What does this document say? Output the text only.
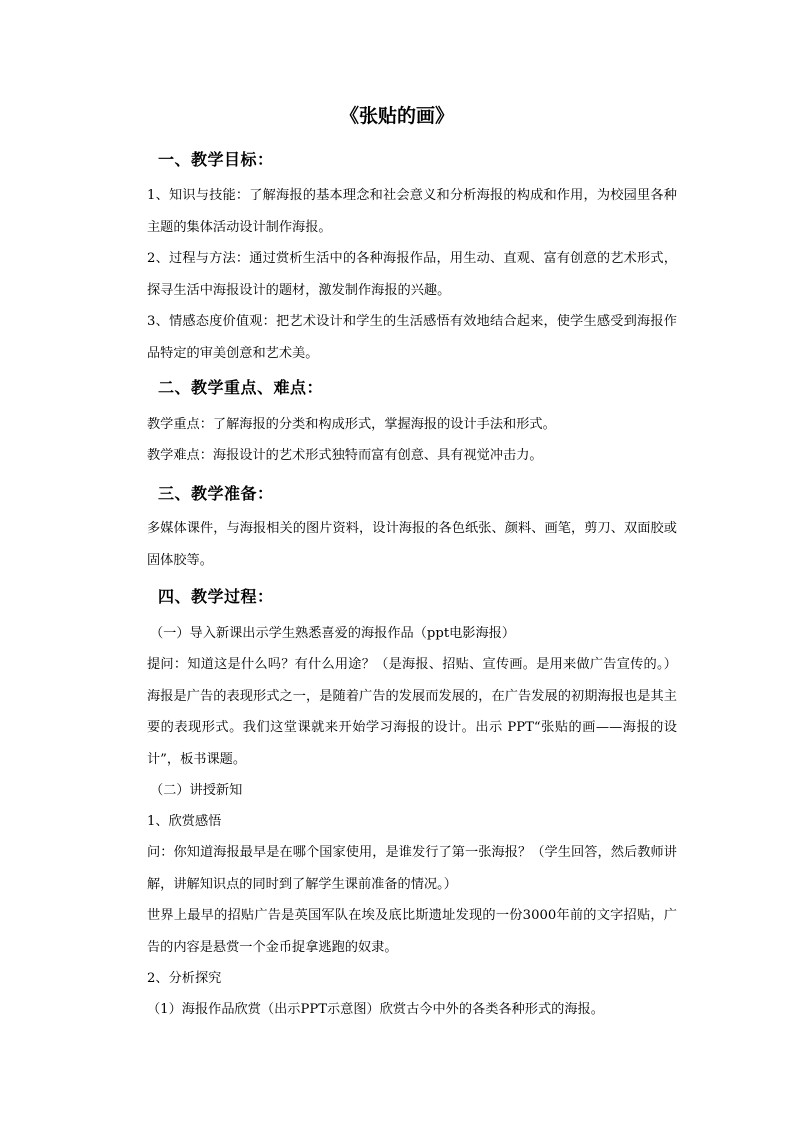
《张贴的画》
一、教学目标：
1、知识与技能：了解海报的基本理念和社会意义和分析海报的构成和作用，为校园里各种主题的集体活动设计制作海报。
2、过程与方法：通过赏析生活中的各种海报作品，用生动、直观、富有创意的艺术形式，探寻生活中海报设计的题材，激发制作海报的兴趣。
3、情感态度价值观：把艺术设计和学生的生活感悟有效地结合起来，使学生感受到海报作品特定的审美创意和艺术美。
二、教学重点、难点：
教学重点：了解海报的分类和构成形式，掌握海报的设计手法和形式。
教学难点：海报设计的艺术形式独特而富有创意、具有视觉冲击力。
三、教学准备：
多媒体课件，与海报相关的图片资料，设计海报的各色纸张、颜料、画笔，剪刀、双面胶或固体胶等。
四、教学过程：
（一）导入新课出示学生熟悉喜爱的海报作品（ppt电影海报）
提问：知道这是什么吗？有什么用途？（是海报、招贴、宣传画。是用来做广告宣传的。）海报是广告的表现形式之一，是随着广告的发展而发展的，在广告发展的初期海报也是其主要的表现形式。我们这堂课就来开始学习海报的设计。出示 PPT“张贴的画——海报的设计”，板书课题。
（二）讲授新知
1、欣赏感悟
问：你知道海报最早是在哪个国家使用，是谁发行了第一张海报？（学生回答，然后教师讲解，讲解知识点的同时到了解学生课前准备的情况。）
世界上最早的招贴广告是英国军队在埃及底比斯遗址发现的一份3000年前的文字招贴，广告的内容是悬赏一个金币捉拿逃跑的奴隶。
2、分析探究
（1）海报作品欣赏（出示PPT示意图）欣赏古今中外的各类各种形式的海报。
